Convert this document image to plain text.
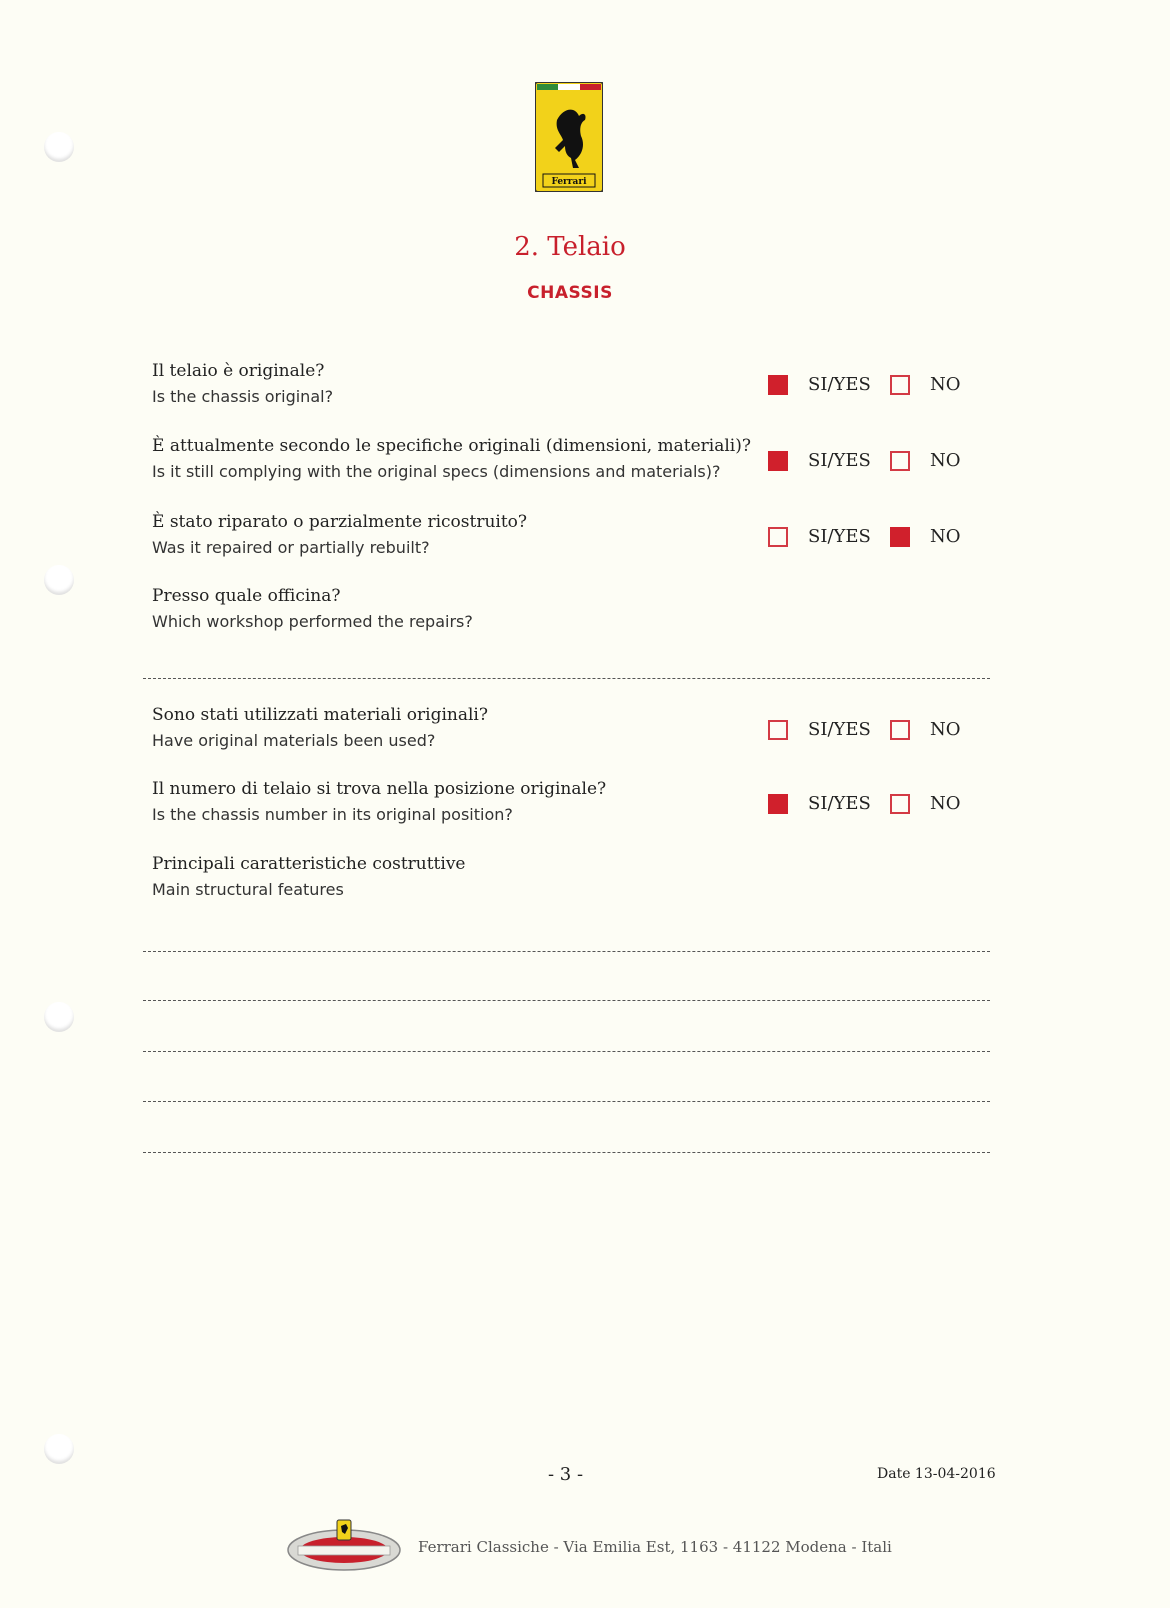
Ferrari
2. Telaio
CHASSIS
Il telaio è originale?
Is the chassis original?
SI/YES	NO
È attualmente secondo le specifiche originali (dimensioni, materiali)?
Is it still complying with the original specs (dimensions and materials)?
SI/YES	NO
È stato riparato o parzialmente ricostruito?
Was it repaired or partially rebuilt?
SI/YES	NO
Presso quale officina?
Which workshop performed the repairs?
Sono stati utilizzati materiali originali?
Have original materials been used?
SI/YES	NO
Il numero di telaio si trova nella posizione originale?
Is the chassis number in its original position?
SI/YES	NO
Principali caratteristiche costruttive
Main structural features
- 3 -	Date 13-04-2016
Ferrari Classiche - Via Emilia Est, 1163 - 41122 Modena - Itali
